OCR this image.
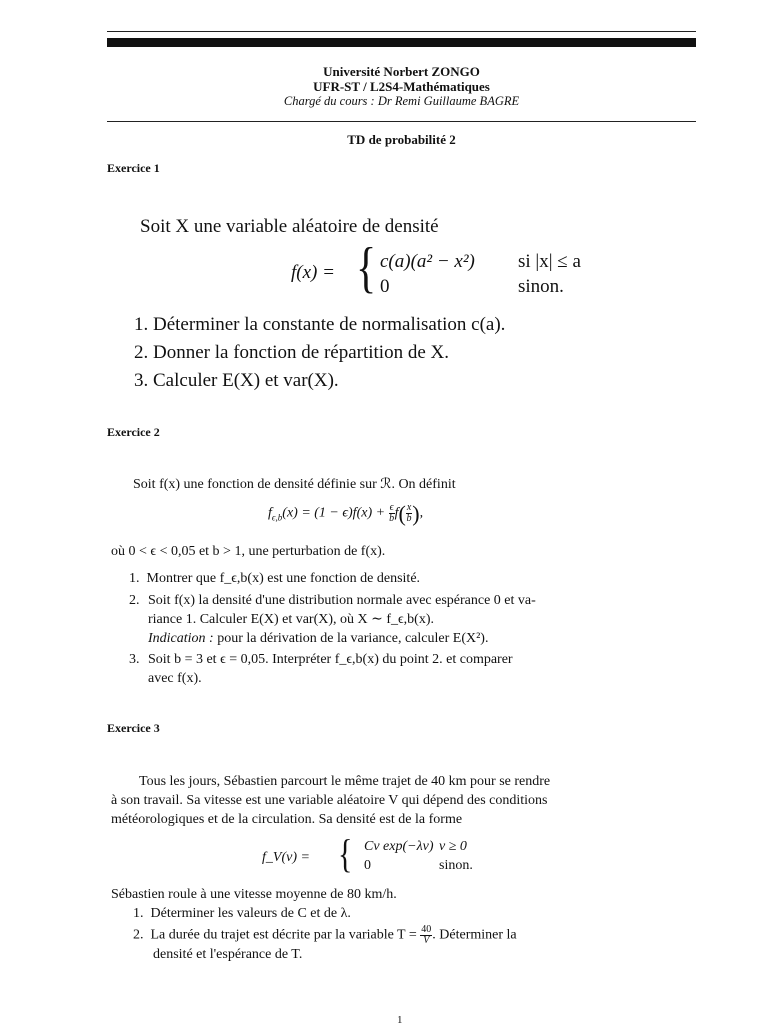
Université Norbert ZONGO
UFR-ST / L2S4-Mathématiques
Chargé du cours : Dr Remi Guillaume BAGRE
TD de probabilité 2
Exercice 1
Soit X une variable aléatoire de densité
f(x) = { c(a)(a² − x²) si |x| ≤ a
0	sinon.
1. Déterminer la constante de normalisation c(a).
2. Donner la fonction de répartition de X.
3. Calculer E(X) et var(X).
Exercice 2
Soit f(x) une fonction de densité définie sur ℛ. On définit
$f_{\epsilon,b}(x) = (1 - \epsilon)f(x) + \frac{\epsilon}{b} f( \frac{x}{b}$ ),
où 0 < ϵ < 0,05 et b > 1, une perturbation de f(x).
1.  Montrer que f_ϵ,b(x) est une fonction de densité.
2. Soit f(x) la densité d'une distribution normale avec espérance 0 et va-
riance 1. Calculer E(X) et var(X), où X ∼ f_ϵ,b(x).
Indication : pour la dérivation de la variance, calculer E(X²).
3. Soit b = 3 et ϵ = 0,05. Interpréter f_ϵ,b(x) du point 2. et comparer
avec f(x).
Exercice 3
Tous les jours, Sébastien parcourt le même trajet de 40 km pour se rendre
à son travail. Sa vitesse est une variable aléatoire V qui dépend des conditions
météorologiques et de la circulation. Sa densité est de la forme
f_V(v) = { Cv exp(−λv) v ≥ 0
0	sinon.
Sébastien roule à une vitesse moyenne de 80 km/h.
1.  Déterminer les valeurs de C et de λ.
2.  La durée du trajet est décrite par la variable $T = \frac{40}{V}$ . Déterminer la
densité et l'espérance de T.
1
